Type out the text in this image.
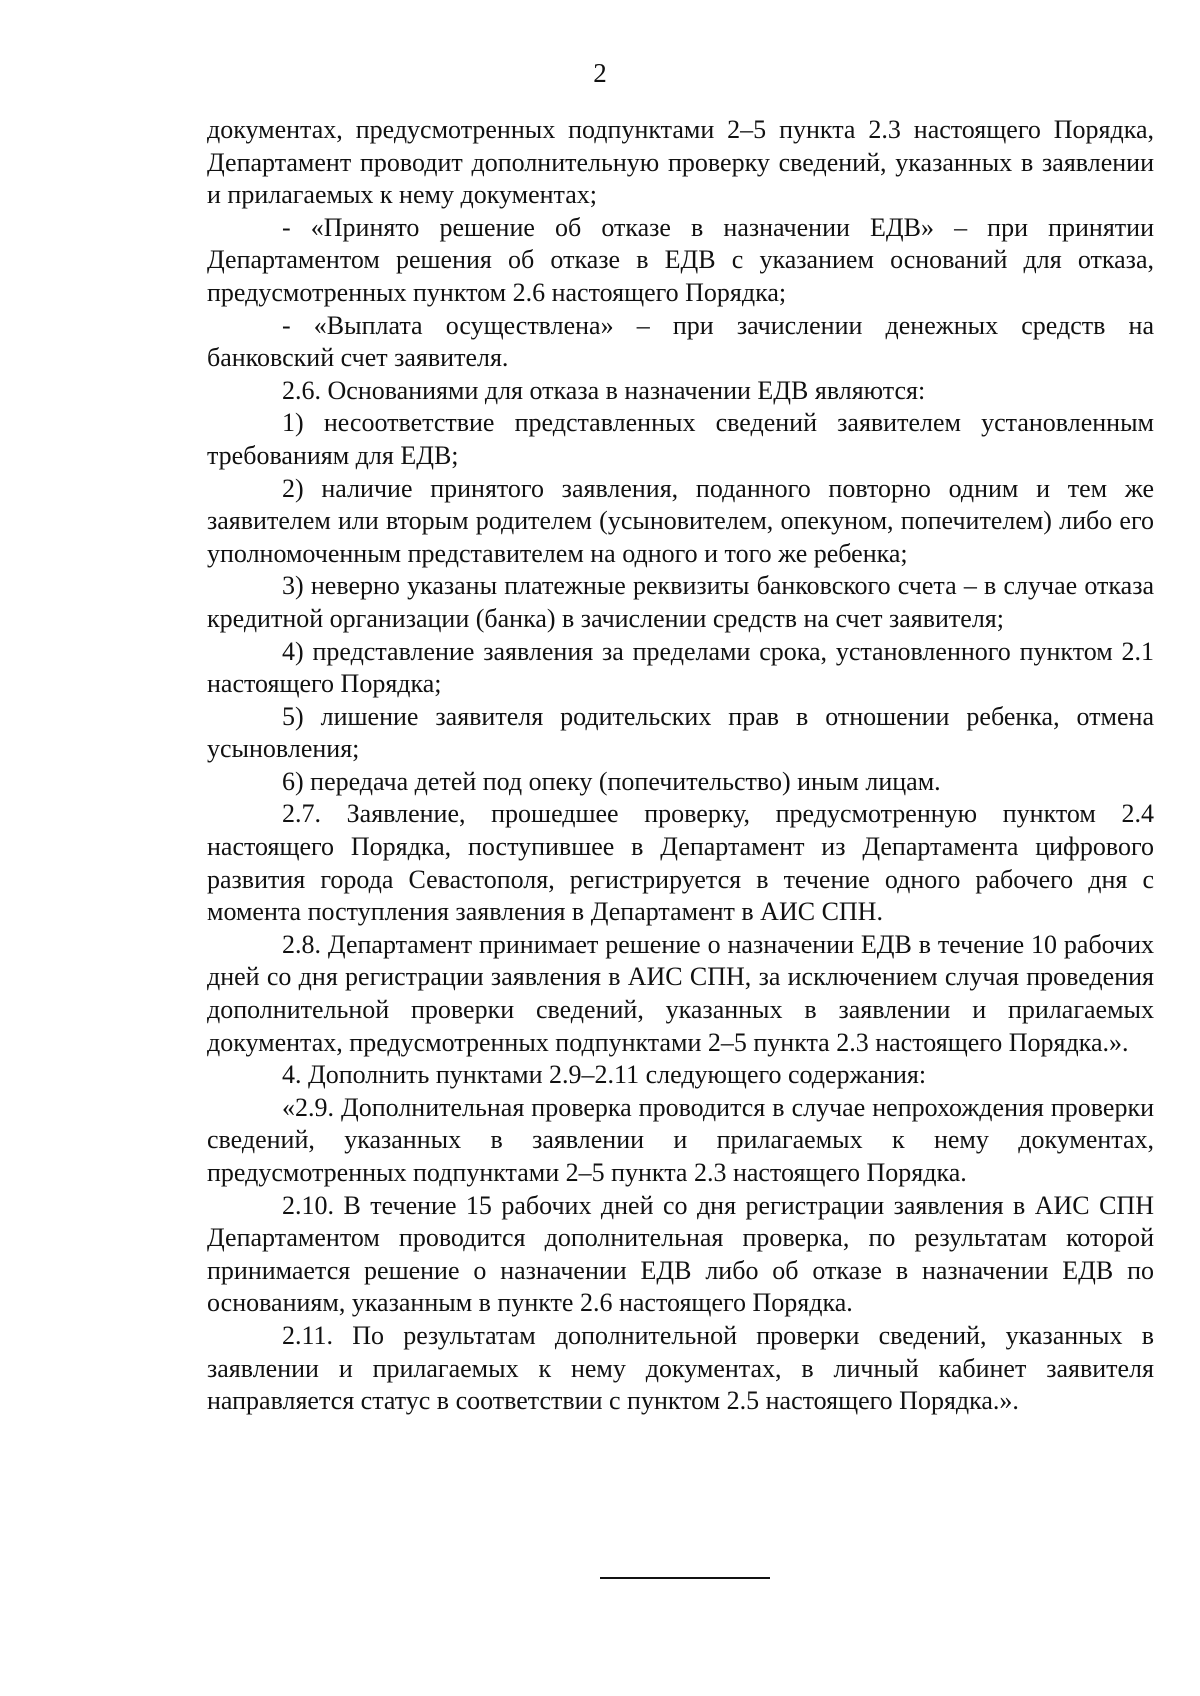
2

документах, предусмотренных подпунктами 2–5 пункта 2.3 настоящего Порядка, Департамент проводит дополнительную проверку сведений, указанных в заявлении и прилагаемых к нему документах;

- «Принято решение об отказе в назначении ЕДВ» – при принятии Департаментом решения об отказе в ЕДВ с указанием оснований для отказа, предусмотренных пунктом 2.6 настоящего Порядка;

- «Выплата осуществлена» – при зачислении денежных средств на банковский счет заявителя.

2.6. Основаниями для отказа в назначении ЕДВ являются:

1) несоответствие представленных сведений заявителем установленным требованиям для ЕДВ;

2) наличие принятого заявления, поданного повторно одним и тем же заявителем или вторым родителем (усыновителем, опекуном, попечителем) либо его уполномоченным представителем на одного и того же ребенка;

3) неверно указаны платежные реквизиты банковского счета – в случае отказа кредитной организации (банка) в зачислении средств на счет заявителя;

4) представление заявления за пределами срока, установленного пунктом 2.1 настоящего Порядка;

5) лишение заявителя родительских прав в отношении ребенка, отмена усыновления;

6) передача детей под опеку (попечительство) иным лицам.

2.7. Заявление, прошедшее проверку, предусмотренную пунктом 2.4 настоящего Порядка, поступившее в Департамент из Департамента цифрового развития города Севастополя, регистрируется в течение одного рабочего дня с момента поступления заявления в Департамент в АИС СПН.

2.8. Департамент принимает решение о назначении ЕДВ в течение 10 рабочих дней со дня регистрации заявления в АИС СПН, за исключением случая проведения дополнительной проверки сведений, указанных в заявлении и прилагаемых документах, предусмотренных подпунктами 2–5 пункта 2.3 настоящего Порядка.».

4. Дополнить пунктами 2.9–2.11 следующего содержания:

«2.9. Дополнительная проверка проводится в случае непрохождения проверки сведений, указанных в заявлении и прилагаемых к нему документах, предусмотренных подпунктами 2–5 пункта 2.3 настоящего Порядка.

2.10. В течение 15 рабочих дней со дня регистрации заявления в АИС СПН Департаментом проводится дополнительная проверка, по результатам которой принимается решение о назначении ЕДВ либо об отказе в назначении ЕДВ по основаниям, указанным в пункте 2.6 настоящего Порядка.

2.11. По результатам дополнительной проверки сведений, указанных в заявлении и прилагаемых к нему документах, в личный кабинет заявителя направляется статус в соответствии с пунктом 2.5 настоящего Порядка.».
